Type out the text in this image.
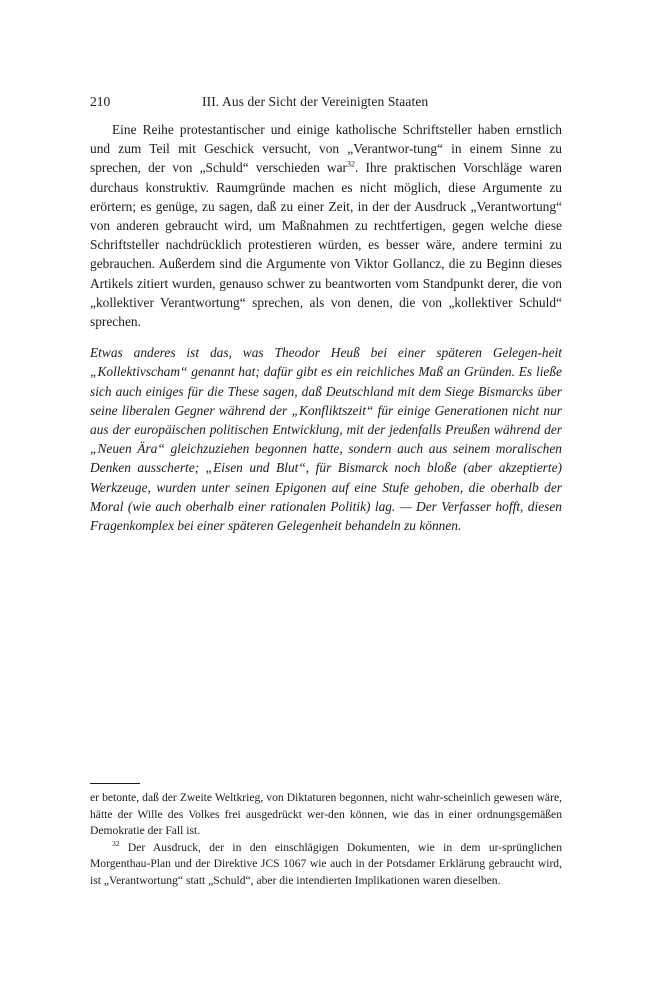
210	III. Aus der Sicht der Vereinigten Staaten

Eine Reihe protestantischer und einige katholische Schriftsteller haben ernstlich und zum Teil mit Geschick versucht, von „Verantwor-tung“ in einem Sinne zu sprechen, der von „Schuld“ verschieden war$^{32}$. Ihre praktischen Vorschläge waren durchaus konstruktiv. Raumgründe machen es nicht möglich, diese Argumente zu erörtern; es genüge, zu sagen, daß zu einer Zeit, in der der Ausdruck „Verantwortung“ von anderen gebraucht wird, um Maßnahmen zu rechtfertigen, gegen welche diese Schriftsteller nachdrücklich protestieren würden, es besser wäre, andere termini zu gebrauchen. Außerdem sind die Argumente von Viktor Gollancz, die zu Beginn dieses Artikels zitiert wurden, genauso schwer zu beantworten vom Standpunkt derer, die von „kollektiver Verantwortung“ sprechen, als von denen, die von „kollektiver Schuld“ sprechen.

Etwas anderes ist das, was Theodor Heuß bei einer späteren Gelegen-heit „Kollektivscham“ genannt hat; dafür gibt es ein reichliches Maß an Gründen. Es ließe sich auch einiges für die These sagen, daß Deutschland mit dem Siege Bismarcks über seine liberalen Gegner während der „Konfliktszeit“ für einige Generationen nicht nur aus der europäischen politischen Entwicklung, mit der jedenfalls Preußen während der „Neuen Ära“ gleichzuziehen begonnen hatte, sondern auch aus seinem moralischen Denken ausscherte; „Eisen und Blut“, für Bismarck noch bloße (aber akzeptierte) Werkzeuge, wurden unter seinen Epigonen auf eine Stufe gehoben, die oberhalb der Moral (wie auch oberhalb einer rationalen Politik) lag. — Der Verfasser hofft, diesen Fragenkomplex bei einer späteren Gelegenheit behandeln zu können.

er betonte, daß der Zweite Weltkrieg, von Diktaturen begonnen, nicht wahr-scheinlich gewesen wäre, hätte der Wille des Volkes frei ausgedrückt wer-den können, wie das in einer ordnungsgemäßen Demokratie der Fall ist.

$^{32}$ Der Ausdruck, der in den einschlägigen Dokumenten, wie in dem ur-sprünglichen Morgenthau-Plan und der Direktive JCS 1067 wie auch in der Potsdamer Erklärung gebraucht wird, ist „Verantwortung“ statt „Schuld“, aber die intendierten Implikationen waren dieselben.
